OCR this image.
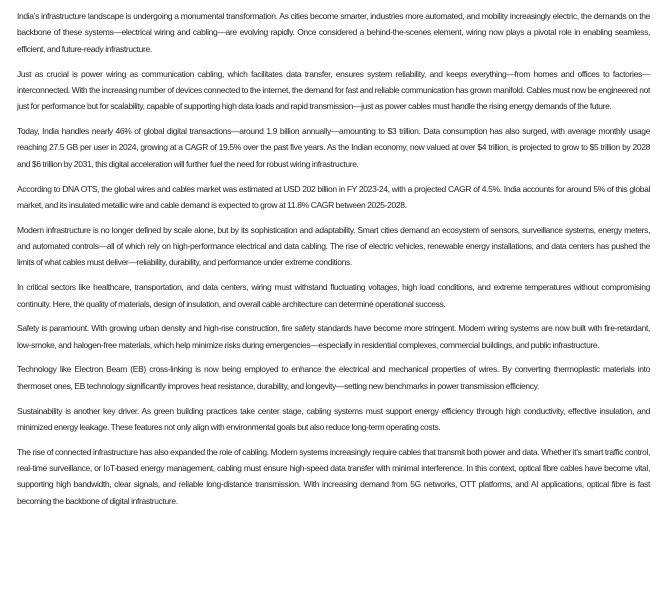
India’s infrastructure landscape is undergoing a monumental transformation. As cities become smarter, industries more automated, and mobility increasingly electric, the demands on the backbone of these systems—electrical wiring and cabling—are evolving rapidly. Once considered a behind-the-scenes element, wiring now plays a pivotal role in enabling seamless, efficient, and future-ready infrastructure.

Just as crucial is power wiring as communication cabling, which facilitates data transfer, ensures system reliability, and keeps everything—from homes and offices to factories—interconnected. With the increasing number of devices connected to the internet, the demand for fast and reliable communication has grown manifold. Cables must now be engineered not just for performance but for scalability, capable of supporting high data loads and rapid transmission—just as power cables must handle the rising energy demands of the future.

Today, India handles nearly 46% of global digital transactions—around 1.9 billion annually—amounting to $3 trillion. Data consumption has also surged, with average monthly usage reaching 27.5 GB per user in 2024, growing at a CAGR of 19.5% over the past five years. As the Indian economy, now valued at over $4 trillion, is projected to grow to $5 trillion by 2028 and $6 trillion by 2031, this digital acceleration will further fuel the need for robust wiring infrastructure.

According to DNA OTS, the global wires and cables market was estimated at USD 202 billion in FY 2023-24, with a projected CAGR of 4.5%. India accounts for around 5% of this global market, and its insulated metallic wire and cable demand is expected to grow at 11.8% CAGR between 2025-2028.

Modern infrastructure is no longer defined by scale alone, but by its sophistication and adaptability. Smart cities demand an ecosystem of sensors, surveillance systems, energy meters, and automated controls—all of which rely on high-performance electrical and data cabling. The rise of electric vehicles, renewable energy installations, and data centers has pushed the limits of what cables must deliver—reliability, durability, and performance under extreme conditions.

In critical sectors like healthcare, transportation, and data centers, wiring must withstand fluctuating voltages, high load conditions, and extreme temperatures without compromising continuity. Here, the quality of materials, design of insulation, and overall cable architecture can determine operational success.

Safety is paramount. With growing urban density and high-rise construction, fire safety standards have become more stringent. Modern wiring systems are now built with fire-retardant, low-smoke, and halogen-free materials, which help minimize risks during emergencies—especially in residential complexes, commercial buildings, and public infrastructure.

Technology like Electron Beam (EB) cross-linking is now being employed to enhance the electrical and mechanical properties of wires. By converting thermoplastic materials into thermoset ones, EB technology significantly improves heat resistance, durability, and longevity—setting new benchmarks in power transmission efficiency.

Sustainability is another key driver. As green building practices take center stage, cabling systems must support energy efficiency through high conductivity, effective insulation, and minimized energy leakage. These features not only align with environmental goals but also reduce long-term operating costs.

The rise of connected infrastructure has also expanded the role of cabling. Modern systems increasingly require cables that transmit both power and data. Whether it’s smart traffic control, real-time surveillance, or IoT-based energy management, cabling must ensure high-speed data transfer with minimal interference. In this context, optical fibre cables have become vital, supporting high bandwidth, clear signals, and reliable long-distance transmission. With increasing demand from 5G networks, OTT platforms, and AI applications, optical fibre is fast becoming the backbone of digital infrastructure.
